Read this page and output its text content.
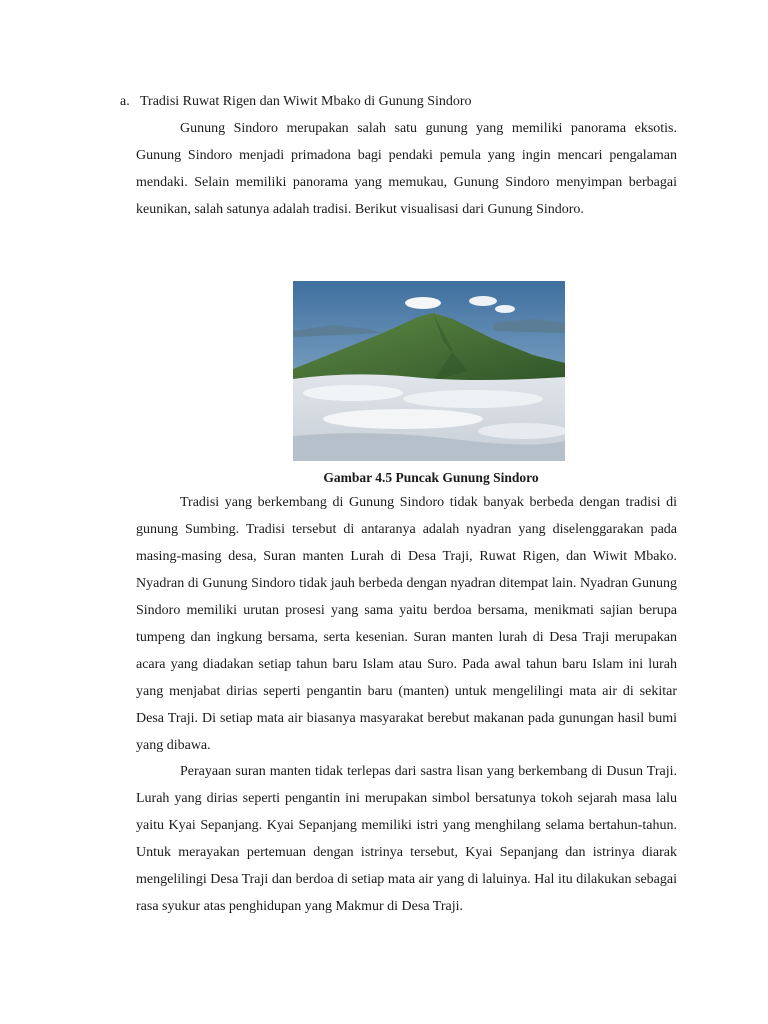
a. Tradisi Ruwat Rigen dan Wiwit Mbako di Gunung Sindoro

Gunung Sindoro merupakan salah satu gunung yang memiliki panorama eksotis. Gunung Sindoro menjadi primadona bagi pendaki pemula yang ingin mencari pengalaman mendaki. Selain memiliki panorama yang memukau, Gunung Sindoro menyimpan berbagai keunikan, salah satunya adalah tradisi. Berikut visualisasi dari Gunung Sindoro.

Gambar 4.5 Puncak Gunung Sindoro

Tradisi yang berkembang di Gunung Sindoro tidak banyak berbeda dengan tradisi di gunung Sumbing. Tradisi tersebut di antaranya adalah nyadran yang diselenggarakan pada masing-masing desa, Suran manten Lurah di Desa Traji, Ruwat Rigen, dan Wiwit Mbako. Nyadran di Gunung Sindoro tidak jauh berbeda dengan nyadran ditempat lain. Nyadran Gunung Sindoro memiliki urutan prosesi yang sama yaitu berdoa bersama, menikmati sajian berupa tumpeng dan ingkung bersama, serta kesenian. Suran manten lurah di Desa Traji merupakan acara yang diadakan setiap tahun baru Islam atau Suro. Pada awal tahun baru Islam ini lurah yang menjabat dirias seperti pengantin baru (manten) untuk mengelilingi mata air di sekitar Desa Traji. Di setiap mata air biasanya masyarakat berebut makanan pada gunungan hasil bumi yang dibawa.

Perayaan suran manten tidak terlepas dari sastra lisan yang berkembang di Dusun Traji. Lurah yang dirias seperti pengantin ini merupakan simbol bersatunya tokoh sejarah masa lalu yaitu Kyai Sepanjang. Kyai Sepanjang memiliki istri yang menghilang selama bertahun-tahun. Untuk merayakan pertemuan dengan istrinya tersebut, Kyai Sepanjang dan istrinya diarak mengelilingi Desa Traji dan berdoa di setiap mata air yang di laluinya. Hal itu dilakukan sebagai rasa syukur atas penghidupan yang Makmur di Desa Traji.
